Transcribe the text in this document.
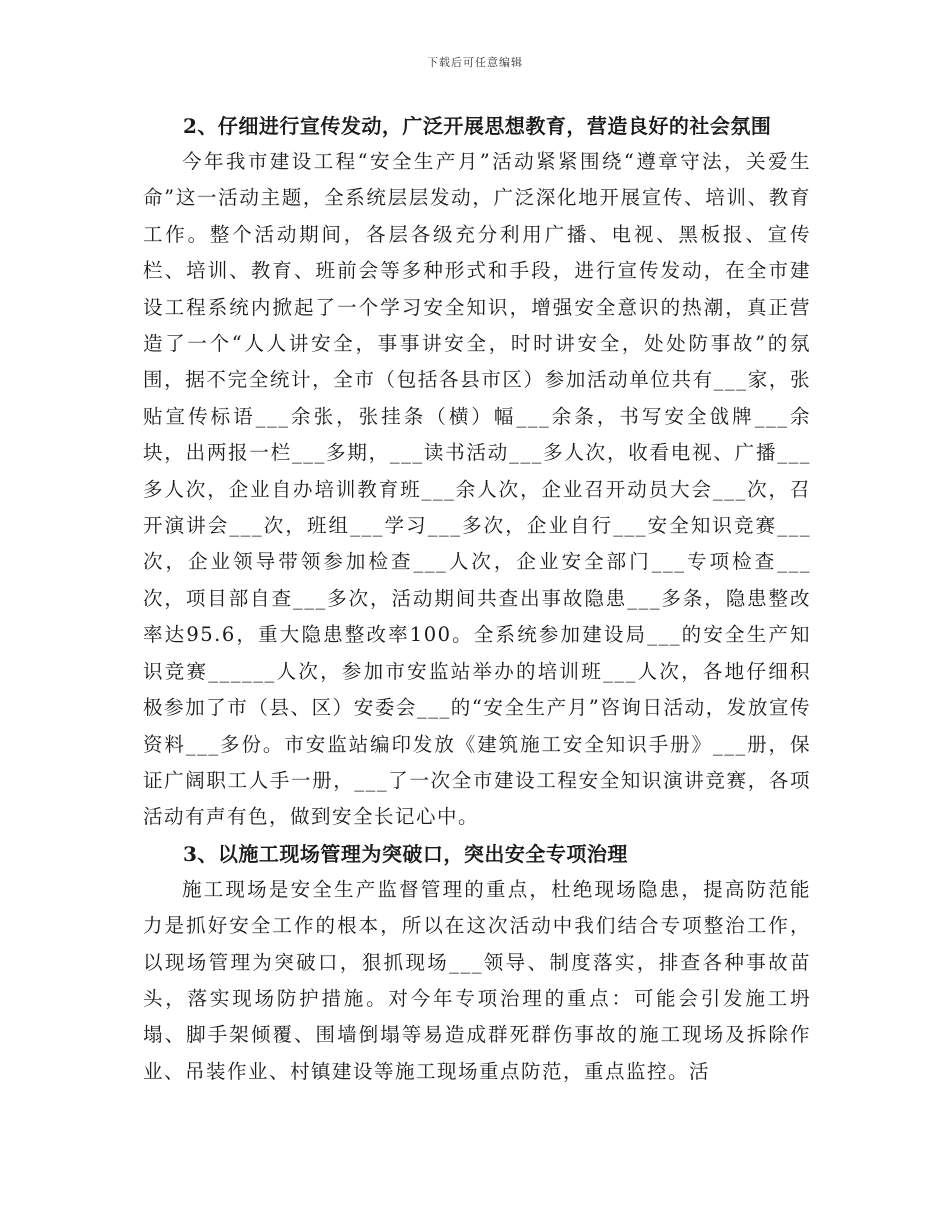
下载后可任意编辑
2、仔细进行宣传发动，广泛开展思想教育，营造良好的社会氛围

今年我市建设工程“安全生产月”活动紧紧围绕“遵章守法，关爱生命”这一活动主题，全系统层层发动，广泛深化地开展宣传、培训、教育工作。整个活动期间，各层各级充分利用广播、电视、黑板报、宣传栏、培训、教育、班前会等多种形式和手段，进行宣传发动，在全市建设工程系统内掀起了一个学习安全知识，增强安全意识的热潮，真正营造了一个“人人讲安全，事事讲安全，时时讲安全，处处防事故”的氛围，据不完全统计，全市（包括各县市区）参加活动单位共有___家，张贴宣传标语___余张，张挂条（横）幅___余条，书写安全戗牌___余块，出两报一栏___多期，___读书活动___多人次，收看电视、广播___多人次，企业自办培训教育班___余人次，企业召开动员大会___次，召开演讲会___次，班组___学习___多次，企业自行___安全知识竞赛___次，企业领导带领参加检查___人次，企业安全部门___专项检查___次，项目部自查___多次，活动期间共查出事故隐患___多条，隐患整改率达95.6，重大隐患整改率100。全系统参加建设局___的安全生产知识竞赛______人次，参加市安监站举办的培训班___人次，各地仔细积极参加了市（县、区）安委会___的“安全生产月”咨询日活动，发放宣传资料___多份。市安监站编印发放《建筑施工安全知识手册》___册，保证广阔职工人手一册，___了一次全市建设工程安全知识演讲竞赛，各项活动有声有色，做到安全长记心中。

3、以施工现场管理为突破口，突出安全专项治理

施工现场是安全生产监督管理的重点，杜绝现场隐患，提高防范能力是抓好安全工作的根本，所以在这次活动中我们结合专项整治工作，以现场管理为突破口，狠抓现场___领导、制度落实，排查各种事故苗头，落实现场防护措施。对今年专项治理的重点：可能会引发施工坍塌、脚手架倾覆、围墙倒塌等易造成群死群伤事故的施工现场及拆除作业、吊装作业、村镇建设等施工现场重点防范，重点监控。活
